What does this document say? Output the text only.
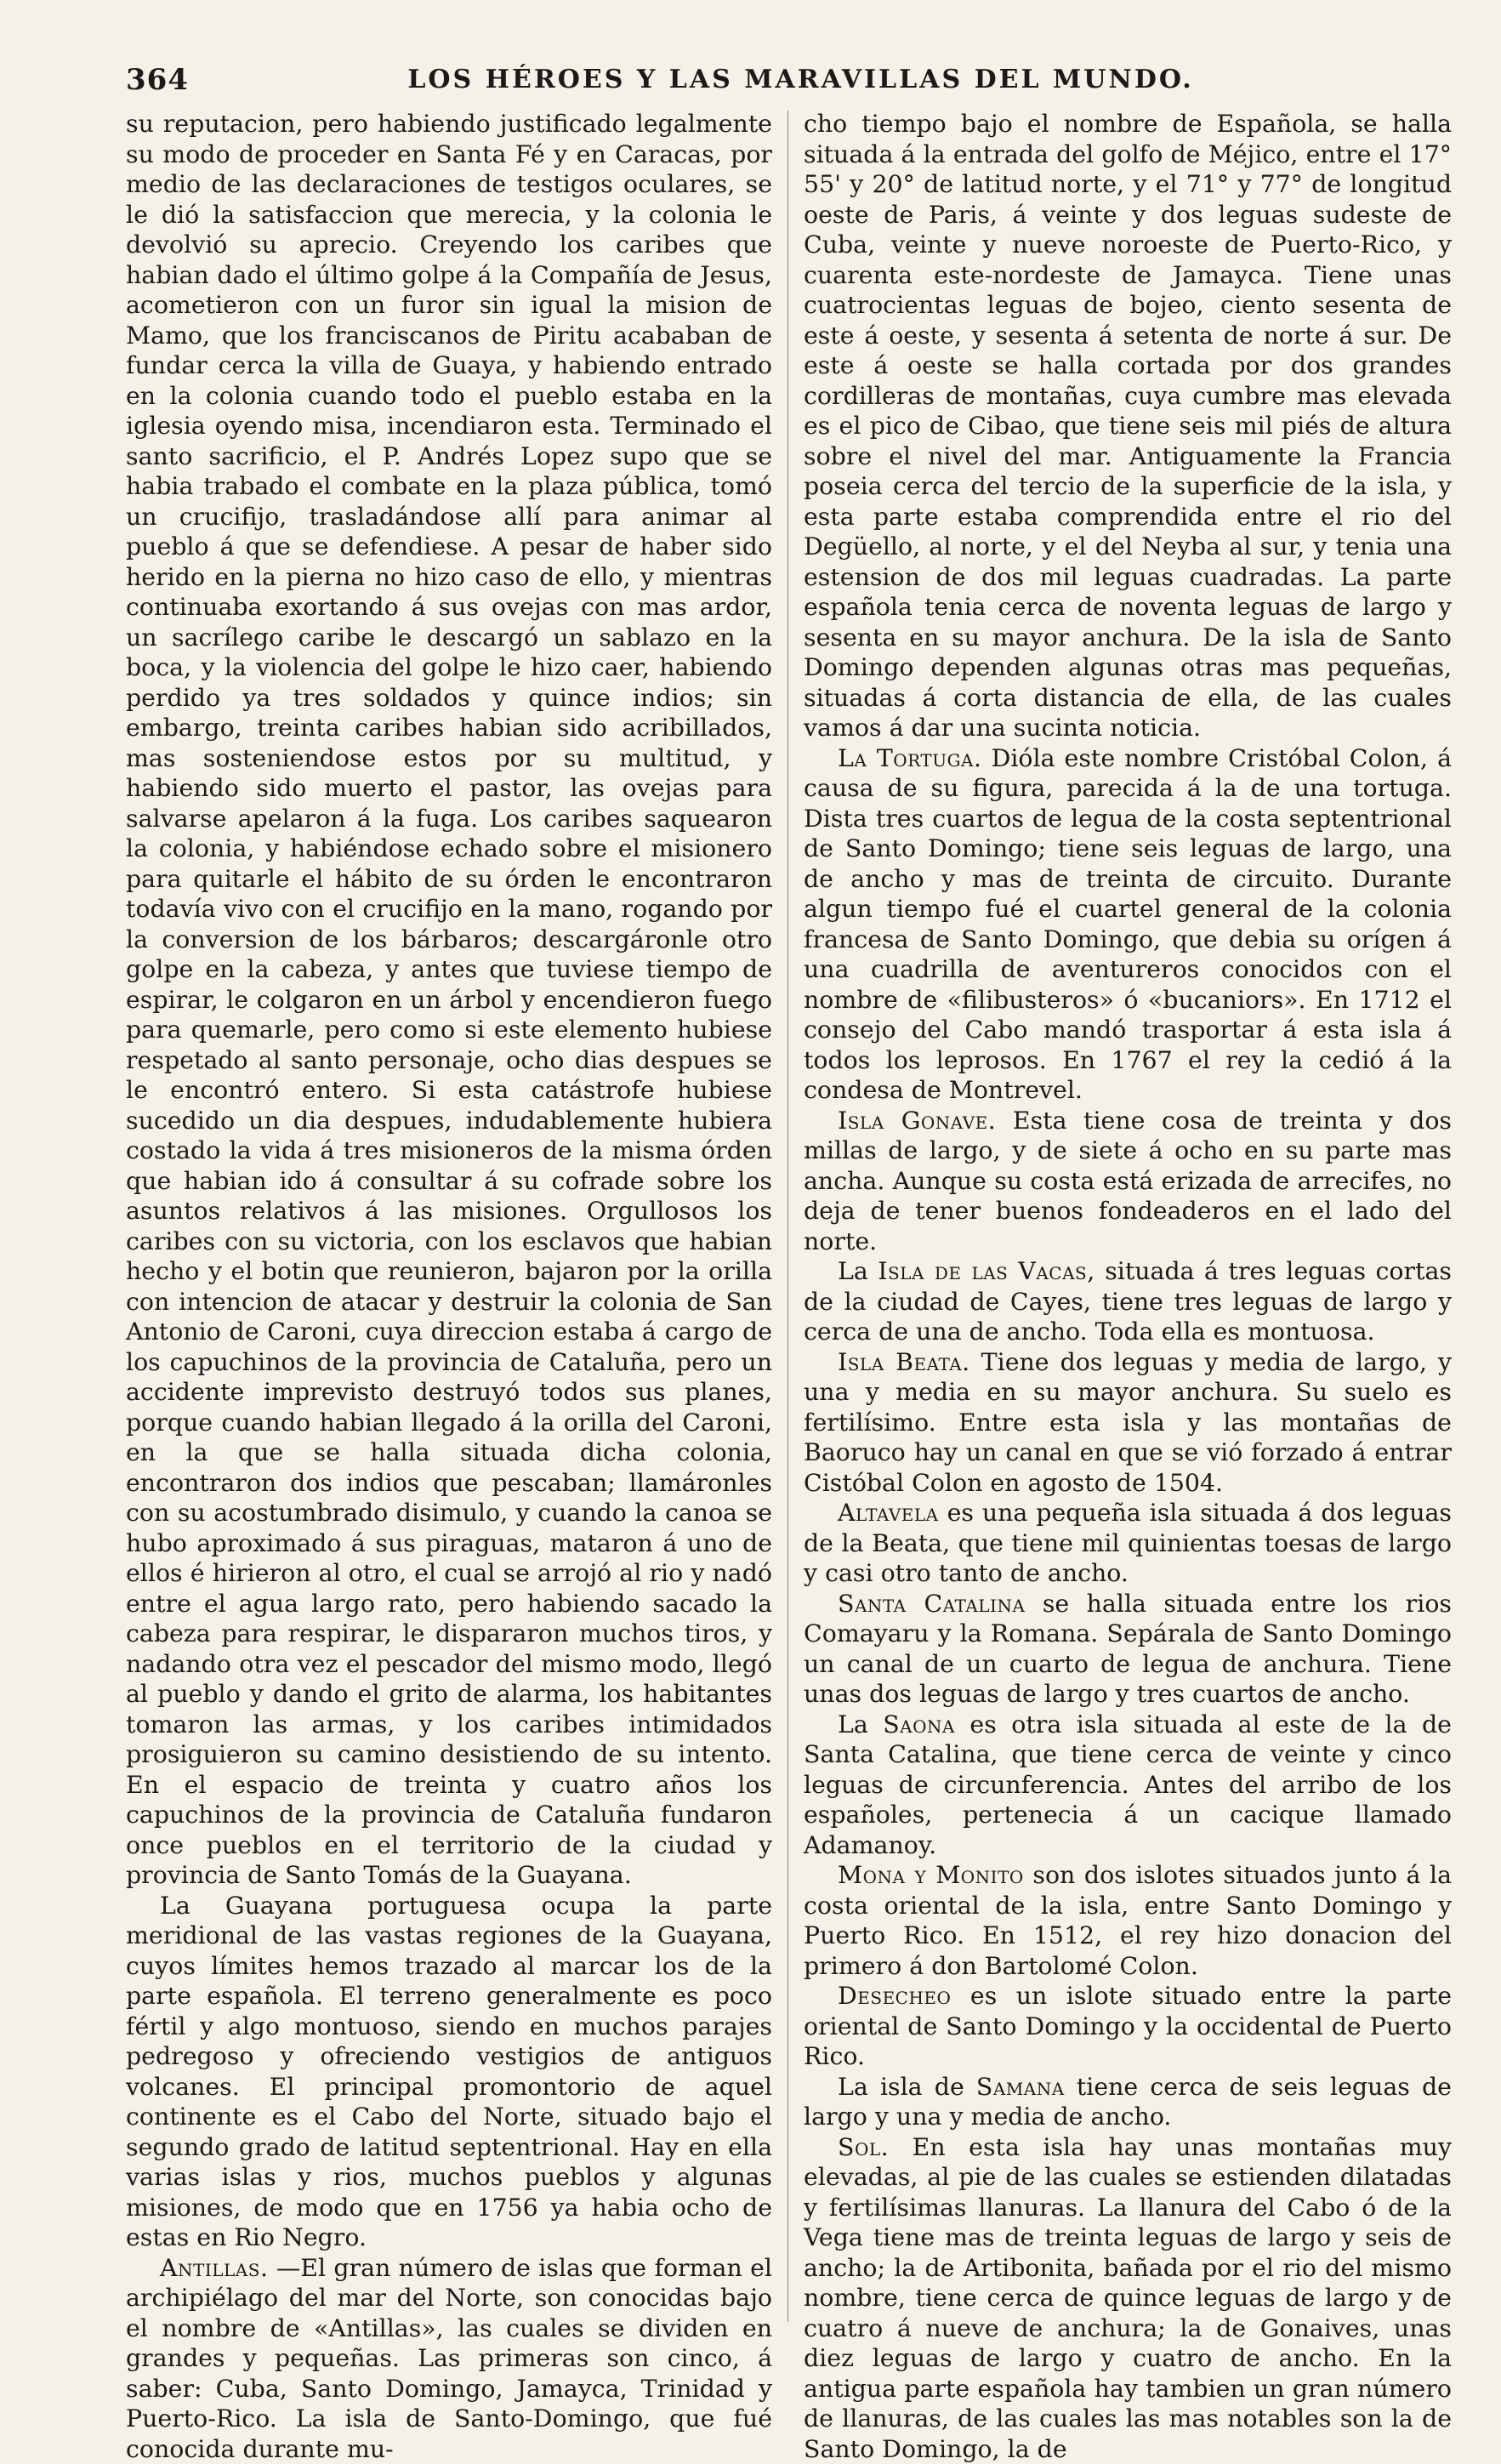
364	LOS HÉROES Y LAS MARAVILLAS DEL MUNDO.

su reputacion, pero habiendo justificado legalmente su modo de proceder en Santa Fé y en Caracas, por medio de las declaraciones de testigos oculares, se le dió la satisfaccion que merecia, y la colonia le devolvió su aprecio. Creyendo los caribes que habian dado el último golpe á la Compañía de Jesus, acometieron con un furor sin igual la mision de Mamo, que los franciscanos de Piritu acababan de fundar cerca la villa de Guaya, y habiendo entrado en la colonia cuando todo el pueblo estaba en la iglesia oyendo misa, incendiaron esta. Terminado el santo sacrificio, el P. Andrés Lopez supo que se habia trabado el combate en la plaza pública, tomó un crucifijo, trasladándose allí para animar al pueblo á que se defendiese. A pesar de haber sido herido en la pierna no hizo caso de ello, y mientras continuaba exortando á sus ovejas con mas ardor, un sacrílego caribe le descargó un sablazo en la boca, y la violencia del golpe le hizo caer, habiendo perdido ya tres soldados y quince indios; sin embargo, treinta caribes habian sido acribillados, mas sosteniendose estos por su multitud, y habiendo sido muerto el pastor, las ovejas para salvarse apelaron á la fuga. Los caribes saquearon la colonia, y habiéndose echado sobre el misionero para quitarle el hábito de su órden le encontraron todavía vivo con el crucifijo en la mano, rogando por la conversion de los bárbaros; descargáronle otro golpe en la cabeza, y antes que tuviese tiempo de espirar, le colgaron en un árbol y encendieron fuego para quemarle, pero como si este elemento hubiese respetado al santo personaje, ocho dias despues se le encontró entero. Si esta catástrofe hubiese sucedido un dia despues, indudablemente hubiera costado la vida á tres misioneros de la misma órden que habian ido á consultar á su cofrade sobre los asuntos relativos á las misiones. Orgullosos los caribes con su victoria, con los esclavos que habian hecho y el botin que reunieron, bajaron por la orilla con intencion de atacar y destruir la colonia de San Antonio de Caroni, cuya direccion estaba á cargo de los capuchinos de la provincia de Cataluña, pero un accidente imprevisto destruyó todos sus planes, porque cuando habian llegado á la orilla del Caroni, en la que se halla situada dicha colonia, encontraron dos indios que pescaban; llamáronles con su acostumbrado disimulo, y cuando la canoa se hubo aproximado á sus piraguas, mataron á uno de ellos é hirieron al otro, el cual se arrojó al rio y nadó entre el agua largo rato, pero habiendo sacado la cabeza para respirar, le dispararon muchos tiros, y nadando otra vez el pescador del mismo modo, llegó al pueblo y dando el grito de alarma, los habitantes tomaron las armas, y los caribes intimidados prosiguieron su camino desistiendo de su intento. En el espacio de treinta y cuatro años los capuchinos de la provincia de Cataluña fundaron once pueblos en el territorio de la ciudad y provincia de Santo Tomás de la Guayana.

La Guayana portuguesa ocupa la parte meridional de las vastas regiones de la Guayana, cuyos límites hemos trazado al marcar los de la parte española. El terreno generalmente es poco fértil y algo montuoso, siendo en muchos parajes pedregoso y ofreciendo vestigios de antiguos volcanes. El principal promontorio de aquel continente es el Cabo del Norte, situado bajo el segundo grado de latitud septentrional. Hay en ella varias islas y rios, muchos pueblos y algunas misiones, de modo que en 1756 ya habia ocho de estas en Rio Negro.

Antillas. —El gran número de islas que forman el archipiélago del mar del Norte, son conocidas bajo el nombre de «Antillas», las cuales se dividen en grandes y pequeñas. Las primeras son cinco, á saber: Cuba, Santo Domingo, Jamayca, Trinidad y Puerto-Rico. La isla de Santo-Domingo, que fué conocida durante mu-

cho tiempo bajo el nombre de Española, se halla situada á la entrada del golfo de Méjico, entre el 17° 55' y 20° de latitud norte, y el 71° y 77° de longitud oeste de Paris, á veinte y dos leguas sudeste de Cuba, veinte y nueve noroeste de Puerto-Rico, y cuarenta este-nordeste de Jamayca. Tiene unas cuatrocientas leguas de bojeo, ciento sesenta de este á oeste, y sesenta á setenta de norte á sur. De este á oeste se halla cortada por dos grandes cordilleras de montañas, cuya cumbre mas elevada es el pico de Cibao, que tiene seis mil piés de altura sobre el nivel del mar. Antiguamente la Francia poseia cerca del tercio de la superficie de la isla, y esta parte estaba comprendida entre el rio del Degüello, al norte, y el del Neyba al sur, y tenia una estension de dos mil leguas cuadradas. La parte española tenia cerca de noventa leguas de largo y sesenta en su mayor anchura. De la isla de Santo Domingo dependen algunas otras mas pequeñas, situadas á corta distancia de ella, de las cuales vamos á dar una sucinta noticia.

La Tortuga. Dióla este nombre Cristóbal Colon, á causa de su figura, parecida á la de una tortuga. Dista tres cuartos de legua de la costa septentrional de Santo Domingo; tiene seis leguas de largo, una de ancho y mas de treinta de circuito. Durante algun tiempo fué el cuartel general de la colonia francesa de Santo Domingo, que debia su orígen á una cuadrilla de aventureros conocidos con el nombre de «filibusteros» ó «bucaniors». En 1712 el consejo del Cabo mandó trasportar á esta isla á todos los leprosos. En 1767 el rey la cedió á la condesa de Montrevel.

Isla Gonave. Esta tiene cosa de treinta y dos millas de largo, y de siete á ocho en su parte mas ancha. Aunque su costa está erizada de arrecifes, no deja de tener buenos fondeaderos en el lado del norte.

La Isla de las Vacas, situada á tres leguas cortas de la ciudad de Cayes, tiene tres leguas de largo y cerca de una de ancho. Toda ella es montuosa.

Isla Beata. Tiene dos leguas y media de largo, y una y media en su mayor anchura. Su suelo es fertilísimo. Entre esta isla y las montañas de Baoruco hay un canal en que se vió forzado á entrar Cistóbal Colon en agosto de 1504.

Altavela es una pequeña isla situada á dos leguas de la Beata, que tiene mil quinientas toesas de largo y casi otro tanto de ancho.

Santa Catalina se halla situada entre los rios Comayaru y la Romana. Sepárala de Santo Domingo un canal de un cuarto de legua de anchura. Tiene unas dos leguas de largo y tres cuartos de ancho.

La Saona es otra isla situada al este de la de Santa Catalina, que tiene cerca de veinte y cinco leguas de circunferencia. Antes del arribo de los españoles, pertenecia á un cacique llamado Adamanoy.

Mona y Monito son dos islotes situados junto á la costa oriental de la isla, entre Santo Domingo y Puerto Rico. En 1512, el rey hizo donacion del primero á don Bartolomé Colon.

Desecheo es un islote situado entre la parte oriental de Santo Domingo y la occidental de Puerto Rico.

La isla de Samana tiene cerca de seis leguas de largo y una y media de ancho.

Sol. En esta isla hay unas montañas muy elevadas, al pie de las cuales se estienden dilatadas y fertilísimas llanuras. La llanura del Cabo ó de la Vega tiene mas de treinta leguas de largo y seis de ancho; la de Artibonita, bañada por el rio del mismo nombre, tiene cerca de quince leguas de largo y de cuatro á nueve de anchura; la de Gonaives, unas diez leguas de largo y cuatro de ancho. En la antigua parte española hay tambien un gran número de llanuras, de las cuales las mas notables son la de Santo Domingo, la de
